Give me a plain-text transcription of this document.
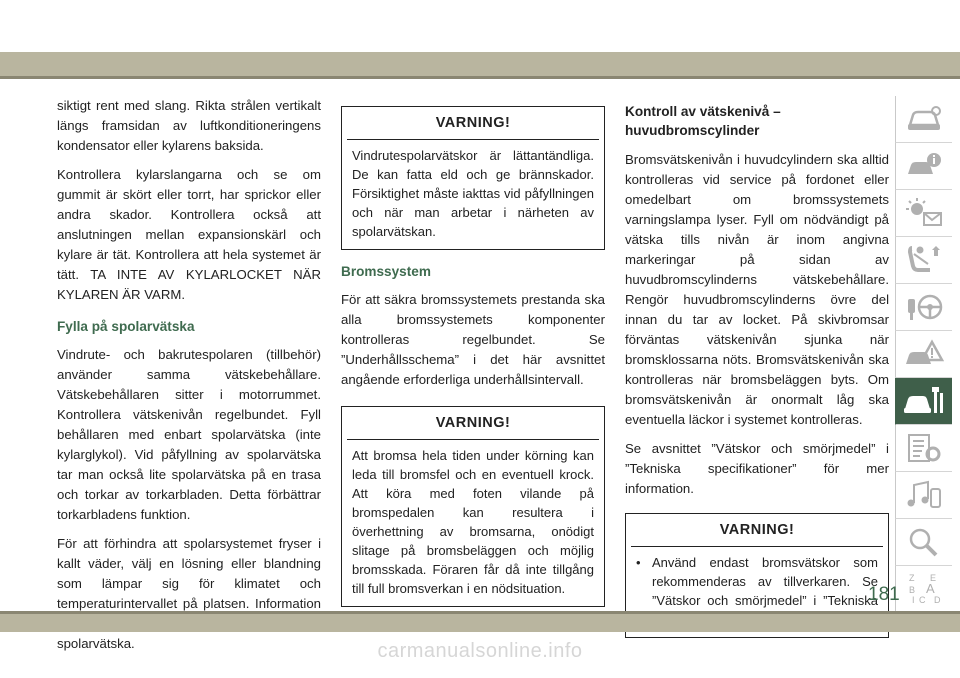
siktigt rent med slang. Rikta strålen vertikalt längs framsidan av luftkonditioneringens kondensator eller kylarens baksida.

Kontrollera kylarslangarna och se om gummit är skört eller torrt, har sprickor eller andra skador. Kontrollera också att anslutningen mellan expansionskärl och kylare är tät. Kontrollera att hela systemet är tätt. TA INTE AV KYLARLOCKET NÄR KYLAREN ÄR VARM.

Fylla på spolarvätska

Vindrute- och bakrutespolaren (tillbehör) använder samma vätskebehållare. Vätskebehållaren sitter i motorrummet. Kontrollera vätskenivån regelbundet. Fyll behållaren med enbart spolarvätska (inte kylarglykol). Vid påfyllning av spolarvätska tar man också lite spolarvätska på en trasa och torkar av torkarbladen. Detta förbättrar torkarbladens funktion.

För att förhindra att spolarsystemet fryser i kallt väder, välj en lösning eller blandning som lämpar sig för klimatet och temperaturintervallet på platsen. Information spolarvätska.

VARNING!
Vindrutespolarvätskor är lättantändliga. De kan fatta eld och ge brännskador. Försiktighet måste iakttas vid påfyllningen och när man arbetar i närheten av spolarvätskan.
Bromssystem

För att säkra bromssystemets prestanda ska alla bromssystemets komponenter kontrolleras regelbundet. Se ”Underhållsschema” i det här avsnittet angående erforderliga underhållsintervall.

VARNING!
Att bromsa hela tiden under körning kan leda till bromsfel och en eventuell krock. Att köra med foten vilande på bromspedalen kan resultera i överhettning av bromsarna, onödigt slitage på bromsbeläggen och möjlig bromsskada. Föraren får då inte tillgång till full bromsverkan i en nödsituation.
Kontroll av vätskenivå – huvudbromscylinder

Bromsvätskenivån i huvudcylindern ska alltid kontrolleras vid service på fordonet eller omedelbart om bromssystemets varningslampa lyser. Fyll om nödvändigt på vätska tills nivån är inom angivna markeringar på sidan av huvudbromscylinderns vätskebehållare. Rengör huvudbromscylinderns övre del innan du tar av locket. På skivbromsar förväntas vätskenivån sjunka när bromsklossarna nöts. Bromsvätskenivån ska kontrolleras när bromsbeläggen byts. Om bromsvätskenivån är onormalt låg ska eventuella läckor i systemet kontrolleras.

Se avsnittet ”Vätskor och smörjmedel” i ”Tekniska specifikationer” för mer information.

VARNING!
• Använd endast bromsvätskor som rekommenderas av tillverkaren. Se ”Vätskor och smörjmedel” i ”Tekniska
Z E
B A
I C D
181
carmanualsonline.info
